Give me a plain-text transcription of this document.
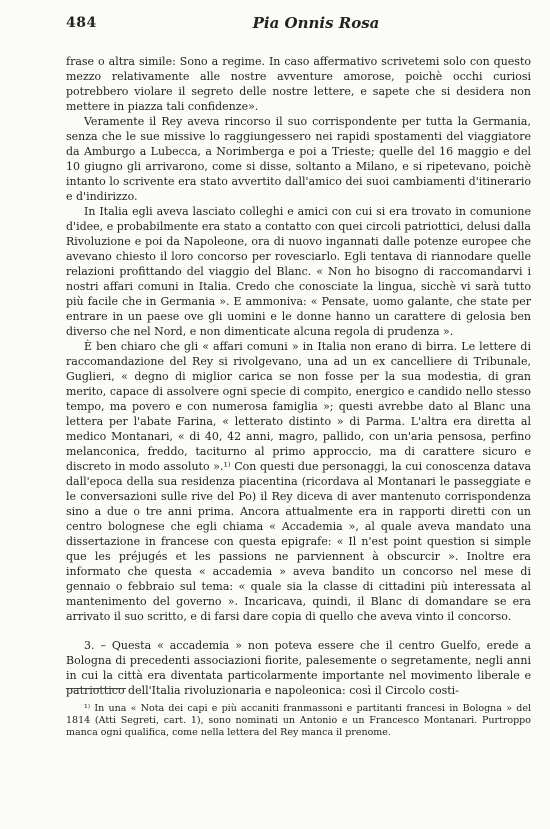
484	Pia Onnis Rosa

frase o altra simile: Sono a regime. In caso affermativo scrivetemi solo con questo mezzo relativamente alle nostre avventure amorose, poichè occhi curiosi potrebbero violare il segreto delle nostre lettere, e sapete che si desidera non mettere in piazza tali confidenze».

Veramente il Rey aveva rincorso il suo corrispondente per tutta la Germania, senza che le sue missive lo raggiungessero nei rapidi spostamenti del viaggiatore da Amburgo a Lubecca, a Norimberga e poi a Trieste; quelle del 16 maggio e del 10 giugno gli arrivarono, come si disse, soltanto a Milano, e si ripetevano, poichè intanto lo scrivente era stato avvertito dall'amico dei suoi cambiamenti d'itinerario e d'indirizzo.

In Italia egli aveva lasciato colleghi e amici con cui si era trovato in comunione d'idee, e probabilmente era stato a contatto con quei circoli patriottici, delusi dalla Rivoluzione e poi da Napoleone, ora di nuovo ingannati dalle potenze europee che avevano chiesto il loro concorso per rovesciarlo. Egli tentava di riannodare quelle relazioni profittando del viaggio del Blanc. « Non ho bisogno di raccomandarvi i nostri affari comuni in Italia. Credo che conosciate la lingua, sicchè vi sarà tutto più facile che in Germania ». E ammoniva: « Pensate, uomo galante, che state per entrare in un paese ove gli uomini e le donne hanno un carattere di gelosia ben diverso che nel Nord, e non dimenticate alcuna regola di prudenza ».

È ben chiaro che gli « affari comuni » in Italia non erano di birra. Le lettere di raccomandazione del Rey si rivolgevano, una ad un ex cancelliere di Tribunale, Guglieri, « degno di miglior carica se non fosse per la sua modestia, di gran merito, capace di assolvere ogni specie di compito, energico e candido nello stesso tempo, ma povero e con numerosa famiglia »; questi avrebbe dato al Blanc una lettera per l'abate Farina, « letterato distinto » di Parma. L'altra era diretta al medico Montanari, « di 40, 42 anni, magro, pallido, con un'aria pensosa, perfino melanconica, freddo, taciturno al primo approccio, ma di carattere sicuro e discreto in modo assoluto ».¹⁾ Con questi due personaggi, la cui conoscenza datava dall'epoca della sua residenza piacentina (ricordava al Montanari le passeggiate e le conversazioni sulle rive del Po) il Rey diceva di aver mantenuto corrispondenza sino a due o tre anni prima. Ancora attualmente era in rapporti diretti con un centro bolognese che egli chiama « Accademia », al quale aveva mandato una dissertazione in francese con questa epigrafe: « Il n'est point question si simple que les préjugés et les passions ne parviennent à obscurcir ». Inoltre era informato che questa « accademia » aveva bandito un concorso nel mese di gennaio o febbraio sul tema: « quale sia la classe di cittadini più interessata al mantenimento del governo ». Incaricava, quindi, il Blanc di domandare se era arrivato il suo scritto, e di farsi dare copia di quello che aveva vinto il concorso.

3. – Questa « accademia » non poteva essere che il centro Guelfo, erede a Bologna di precedenti associazioni fiorite, palesemente o segretamente, negli anni in cui la città era diventata particolarmente importante nel movimento liberale e patriottico dell'Italia rivoluzionaria e napoleonica: così il Circolo costi-

¹⁾ In una « Nota dei capi e più accaniti franmassoni e partitanti francesi in Bologna » del 1814 (Atti Segreti, cart. 1), sono nominati un Antonio e un Francesco Montanari. Purtroppo manca ogni qualifica, come nella lettera del Rey manca il prenome.
